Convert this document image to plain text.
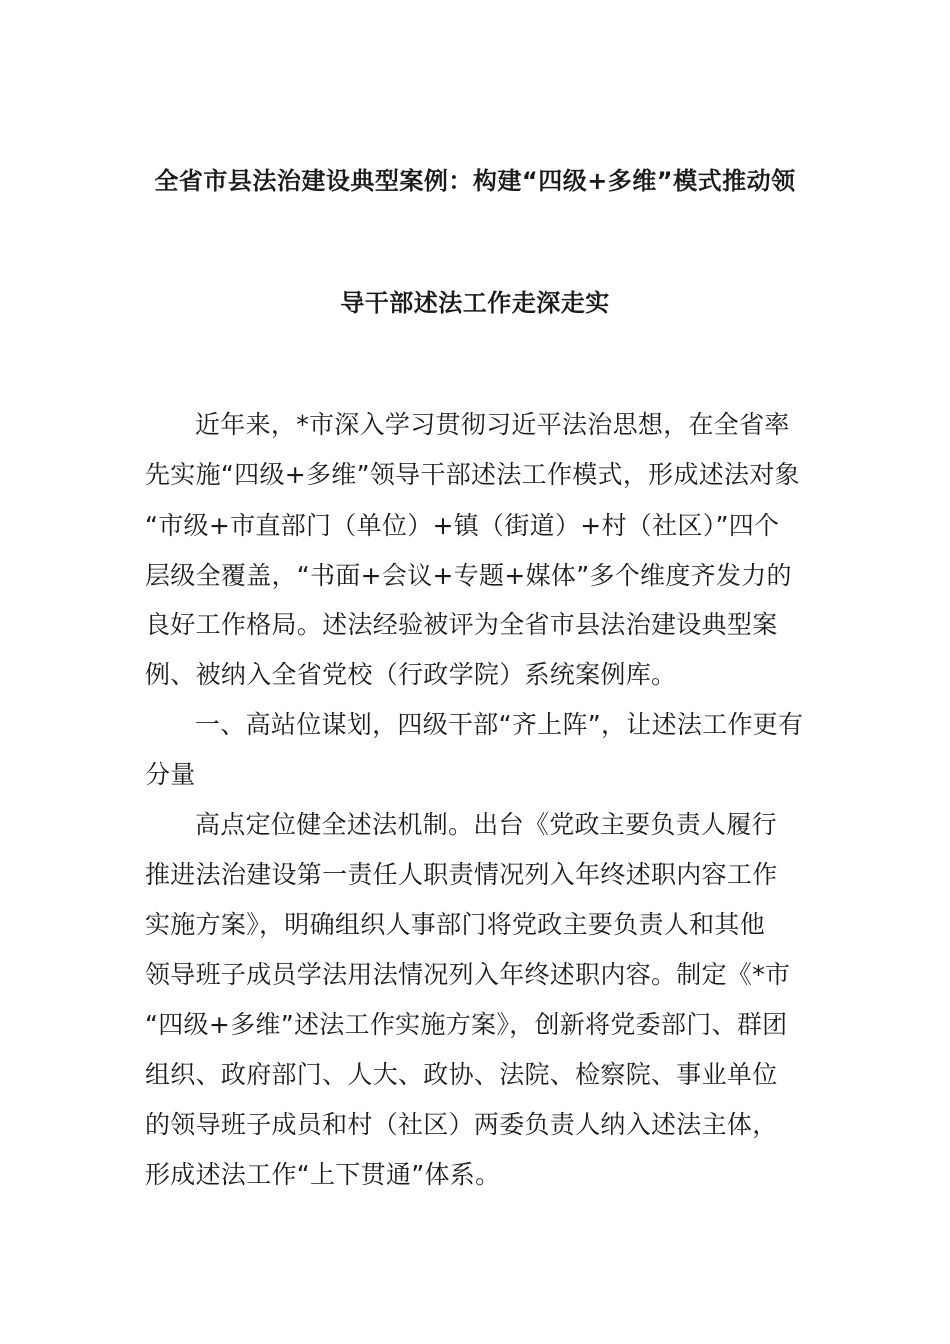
全省市县法治建设典型案例：构建“四级+多维”模式推动领
导干部述法工作走深走实
近年来，*市深入学习贯彻习近平法治思想，在全省率
先实施“四级+多维”领导干部述法工作模式，形成述法对象
“市级+市直部门（单位）+镇（街道）+村（社区）”四个
层级全覆盖，“书面+会议+专题+媒体”多个维度齐发力的
良好工作格局。述法经验被评为全省市县法治建设典型案
例、被纳入全省党校（行政学院）系统案例库。
一、高站位谋划，四级干部“齐上阵”，让述法工作更有
分量
高点定位健全述法机制。出台《党政主要负责人履行
推进法治建设第一责任人职责情况列入年终述职内容工作
实施方案》，明确组织人事部门将党政主要负责人和其他
领导班子成员学法用法情况列入年终述职内容。制定《*市
“四级+多维”述法工作实施方案》，创新将党委部门、群团
组织、政府部门、人大、政协、法院、检察院、事业单位
的领导班子成员和村（社区）两委负责人纳入述法主体，
形成述法工作“上下贯通”体系。
